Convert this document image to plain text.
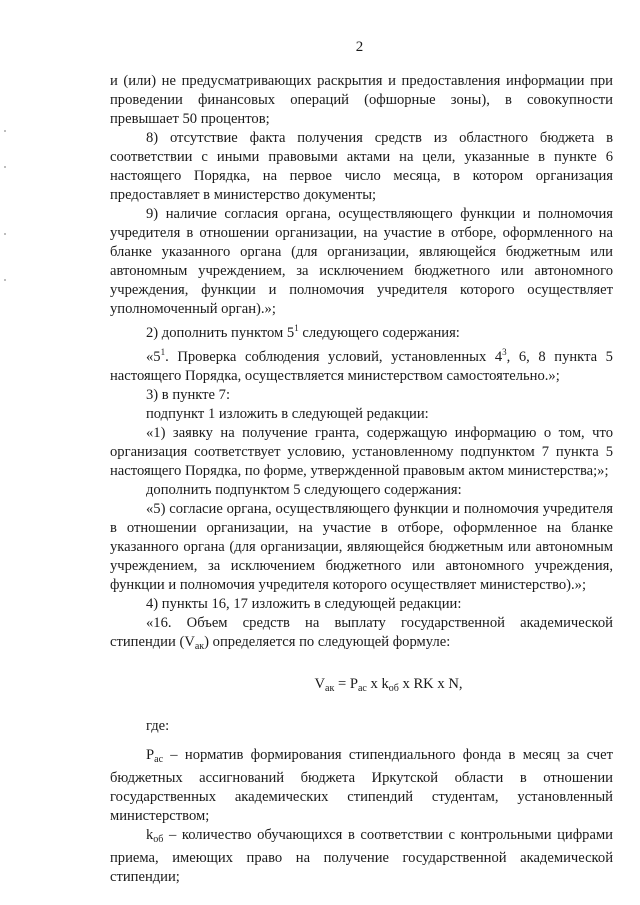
2

и (или) не предусматривающих раскрытия и предоставления информации при проведении финансовых операций (офшорные зоны), в совокупности превышает 50 процентов;

8) отсутствие факта получения средств из областного бюджета в соответствии с иными правовыми актами на цели, указанные в пункте 6 настоящего Порядка, на первое число месяца, в котором организация предоставляет в министерство документы;

9) наличие согласия органа, осуществляющего функции и полномочия учредителя в отношении организации, на участие в отборе, оформленного на бланке указанного органа (для организации, являющейся бюджетным или автономным учреждением, за исключением бюджетного или автономного учреждения, функции и полномочия учредителя которого осуществляет уполномоченный орган).»;

2) дополнить пунктом $5^1$ следующего содержания:

«$5^1$. Проверка соблюдения условий, установленных $4^3$, 6, 8 пункта 5 настоящего Порядка, осуществляется министерством самостоятельно.»;

3) в пункте 7:

подпункт 1 изложить в следующей редакции:

«1) заявку на получение гранта, содержащую информацию о том, что организация соответствует условию, установленному подпунктом 7 пункта 5 настоящего Порядка, по форме, утвержденной правовым актом министерства;»;

дополнить подпунктом 5 следующего содержания:

«5) согласие органа, осуществляющего функции и полномочия учредителя в отношении организации, на участие в отборе, оформленное на бланке указанного органа (для организации, являющейся бюджетным или автономным учреждением, за исключением бюджетного или автономного учреждения, функции и полномочия учредителя которого осуществляет министерство).»;

4) пункты 16, 17 изложить в следующей редакции:

«16. Объем средств на выплату государственной академической стипендии $(V_{ак})$ определяется по следующей формуле:

$V_{ак} = P_{ас}$ x $k_{об}$ x RK x N,

где:

$P_{ас}$ – норматив формирования стипендиального фонда в месяц за счет бюджетных ассигнований бюджета Иркутской области в отношении государственных академических стипендий студентам, установленный министерством;

$k_{об}$ – количество обучающихся в соответствии с контрольными цифрами приема, имеющих право на получение государственной академической стипендии;
